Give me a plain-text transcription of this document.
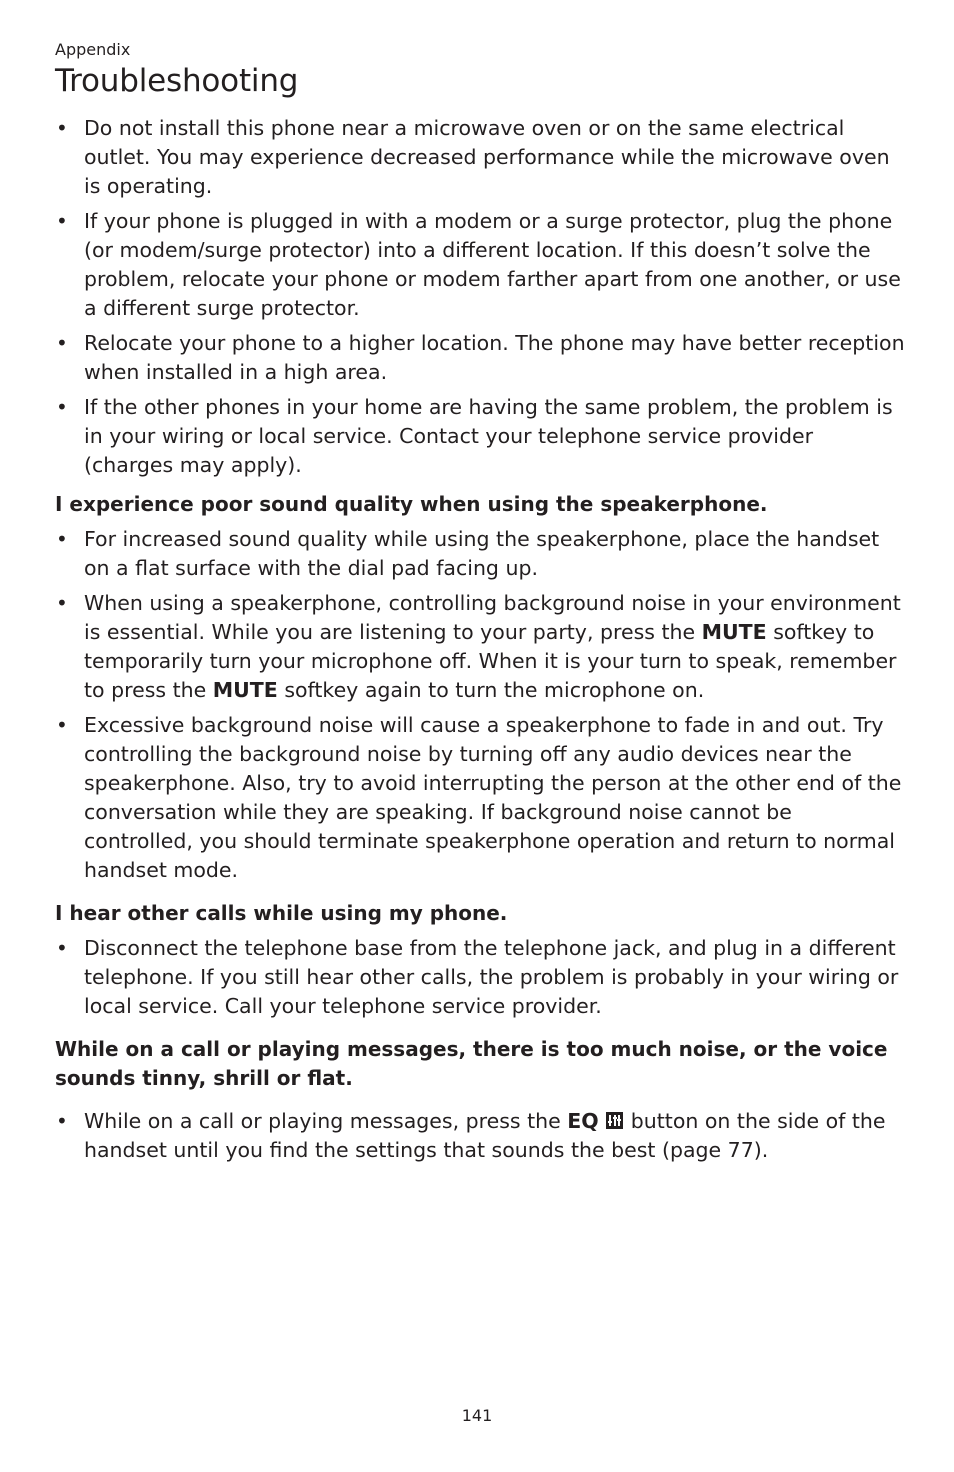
Appendix

Troubleshooting
• Do not install this phone near a microwave oven or on the same electrical outlet. You may experience decreased performance while the microwave oven is operating.
• If your phone is plugged in with a modem or a surge protector, plug the phone (or modem/surge protector) into a different location. If this doesn’t solve the problem, relocate your phone or modem farther apart from one another, or use a different surge protector.
• Relocate your phone to a higher location. The phone may have better reception when installed in a high area.
• If the other phones in your home are having the same problem, the problem is in your wiring or local service. Contact your telephone service provider (charges may apply).
I experience poor sound quality when using the speakerphone.
• For increased sound quality while using the speakerphone, place the handset on a flat surface with the dial pad facing up.
• When using a speakerphone, controlling background noise in your environment is essential. While you are listening to your party, press the MUTE softkey to temporarily turn your microphone off. When it is your turn to speak, remember to press the MUTE softkey again to turn the microphone on.
• Excessive background noise will cause a speakerphone to fade in and out. Try controlling the background noise by turning off any audio devices near the speakerphone. Also, try to avoid interrupting the person at the other end of the conversation while they are speaking. If background noise cannot be controlled, you should terminate speakerphone operation and return to normal handset mode.
I hear other calls while using my phone.
• Disconnect the telephone base from the telephone jack, and plug in a different telephone. If you still hear other calls, the problem is probably in your wiring or local service. Call your telephone service provider.
While on a call or playing messages, there is too much noise, or the voice sounds tinny, shrill or flat.
• While on a call or playing messages, press the EQ
button on the side of the handset until you find the settings that sounds the best (page 77).
141
